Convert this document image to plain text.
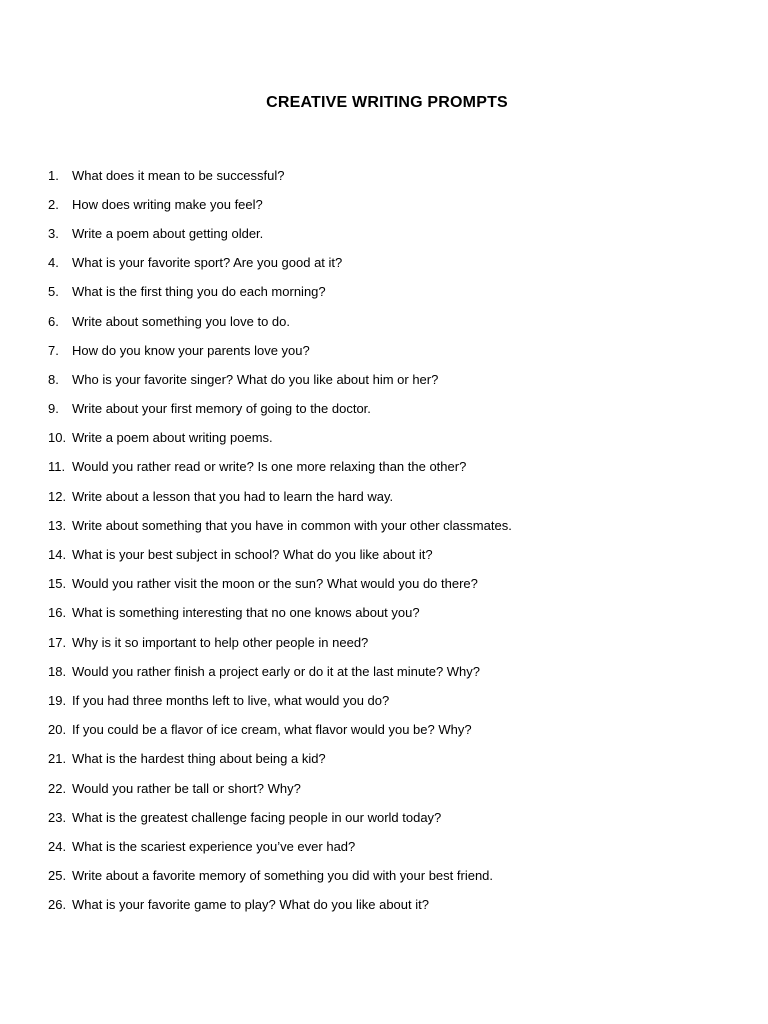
CREATIVE WRITING PROMPTS
1.	What does it mean to be successful?
2.	How does writing make you feel?
3.	Write a poem about getting older.
4.	What is your favorite sport? Are you good at it?
5.	What is the first thing you do each morning?
6.	Write about something you love to do.
7.	How do you know your parents love you?
8.	Who is your favorite singer? What do you like about him or her?
9.	Write about your first memory of going to the doctor.
10. Write a poem about writing poems.
11. Would you rather read or write? Is one more relaxing than the other?
12. Write about a lesson that you had to learn the hard way.
13. Write about something that you have in common with your other classmates.
14. What is your best subject in school? What do you like about it?
15. Would you rather visit the moon or the sun? What would you do there?
16. What is something interesting that no one knows about you?
17. Why is it so important to help other people in need?
18. Would you rather finish a project early or do it at the last minute? Why?
19. If you had three months left to live, what would you do?
20. If you could be a flavor of ice cream, what flavor would you be? Why?
21. What is the hardest thing about being a kid?
22. Would you rather be tall or short? Why?
23. What is the greatest challenge facing people in our world today?
24. What is the scariest experience you’ve ever had?
25. Write about a favorite memory of something you did with your best friend.
26. What is your favorite game to play? What do you like about it?
